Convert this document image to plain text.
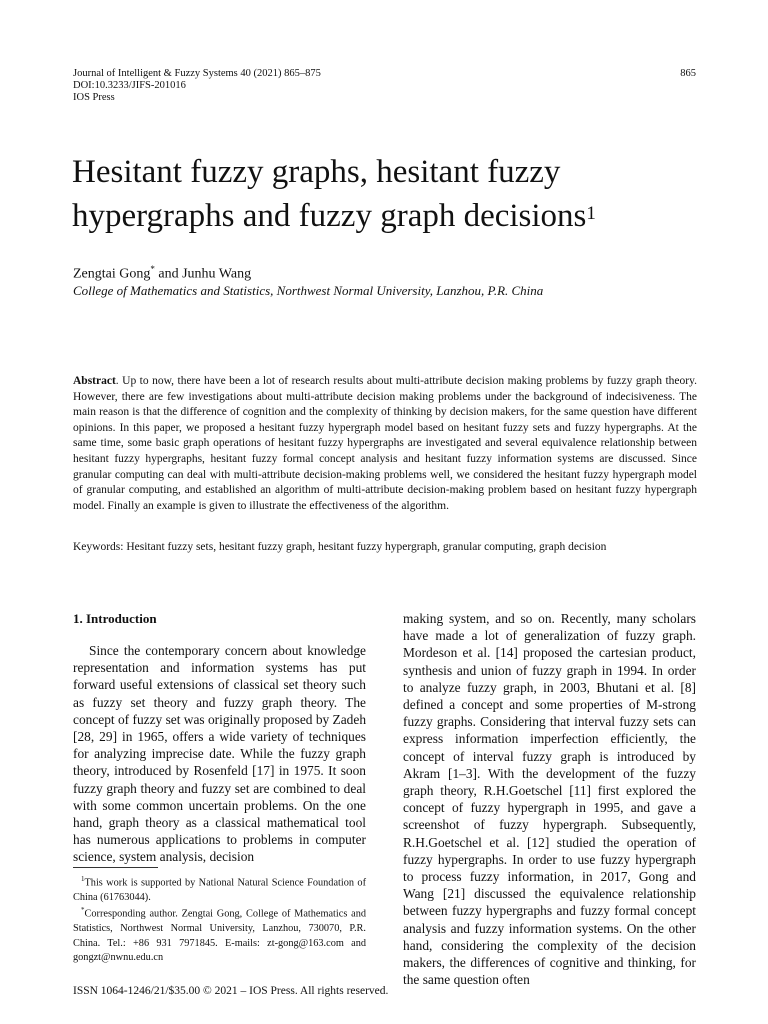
Journal of Intelligent & Fuzzy Systems 40 (2021) 865–875
DOI:10.3233/JIFS-201016
IOS Press
865
Hesitant fuzzy graphs, hesitant fuzzy hypergraphs and fuzzy graph decisions$^1$
Zengtai Gong* and Junhu Wang
College of Mathematics and Statistics, Northwest Normal University, Lanzhou, P.R. China

Abstract. Up to now, there have been a lot of research results about multi-attribute decision making problems by fuzzy graph theory. However, there are few investigations about multi-attribute decision making problems under the background of indecisiveness. The main reason is that the difference of cognition and the complexity of thinking by decision makers, for the same question have different opinions. In this paper, we proposed a hesitant fuzzy hypergraph model based on hesitant fuzzy sets and fuzzy hypergraphs. At the same time, some basic graph operations of hesitant fuzzy hypergraphs are investigated and several equivalence relationship between hesitant fuzzy hypergraphs, hesitant fuzzy formal concept analysis and hesitant fuzzy information systems are discussed. Since granular computing can deal with multi-attribute decision-making problems well, we considered the hesitant fuzzy hypergraph model of granular computing, and established an algorithm of multi-attribute decision-making problem based on hesitant fuzzy hypergraph model. Finally an example is given to illustrate the effectiveness of the algorithm.

Keywords: Hesitant fuzzy sets, hesitant fuzzy graph, hesitant fuzzy hypergraph, granular computing, graph decision
1. Introduction

Since the contemporary concern about knowledge representation and information systems has put forward useful extensions of classical set theory such as fuzzy set theory and fuzzy graph theory. The concept of fuzzy set was originally proposed by Zadeh [28, 29] in 1965, offers a wide variety of techniques for analyzing imprecise date. While the fuzzy graph theory, introduced by Rosenfeld [17] in 1975. It soon fuzzy graph theory and fuzzy set are combined to deal with some common uncertain problems. On the one hand, graph theory as a classical mathematical tool has numerous applications to problems in computer science, system analysis, decision

making system, and so on. Recently, many scholars have made a lot of generalization of fuzzy graph. Mordeson et al. [14] proposed the cartesian product, synthesis and union of fuzzy graph in 1994. In order to analyze fuzzy graph, in 2003, Bhutani et al. [8] defined a concept and some properties of M-strong fuzzy graphs. Considering that interval fuzzy sets can express information imperfection efficiently, the concept of interval fuzzy graph is introduced by Akram [1–3]. With the development of the fuzzy graph theory, R.H.Goetschel [11] first explored the concept of fuzzy hypergraph in 1995, and gave a screenshot of fuzzy hypergraph. Subsequently, R.H.Goetschel et al. [12] studied the operation of fuzzy hypergraphs. In order to use fuzzy hypergraph to process fuzzy information, in 2017, Gong and Wang [21] discussed the equivalence relationship between fuzzy hypergraphs and fuzzy formal concept analysis and fuzzy information systems. On the other hand, considering the complexity of the decision makers, the differences of cognitive and thinking, for the same question often

$^1$This work is supported by National Natural Science Foundation of China (61763044).

*Corresponding author. Zengtai Gong, College of Mathematics and Statistics, Northwest Normal University, Lanzhou, 730070, P.R. China. Tel.: +86 931 7971845. E-mails: zt-gong@163.com and gongzt@nwnu.edu.cn

ISSN 1064-1246/21/$35.00 © 2021 – IOS Press. All rights reserved.
